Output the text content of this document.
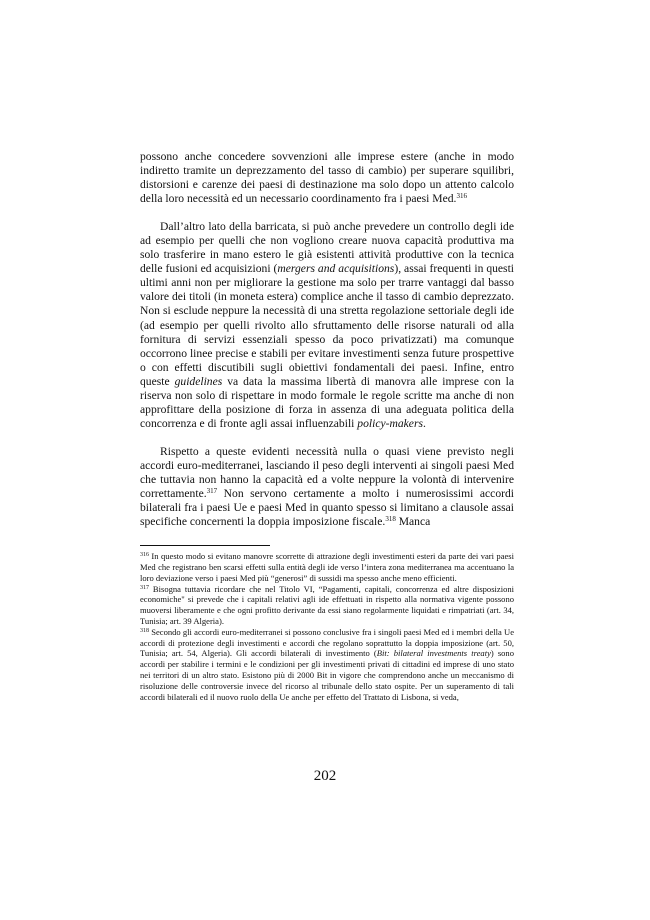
possono anche concedere sovvenzioni alle imprese estere (anche in modo indiretto tramite un deprezzamento del tasso di cambio) per superare squilibri, distorsioni e carenze dei paesi di destinazione ma solo dopo un attento calcolo della loro necessità ed un necessario coordinamento fra i paesi Med.$^{316}$

Dall’altro lato della barricata, si può anche prevedere un controllo degli ide ad esempio per quelli che non vogliono creare nuova capacità produttiva ma solo trasferire in mano estero le già esistenti attività produttive con la tecnica delle fusioni ed acquisizioni (mergers and acquisitions), assai frequenti in questi ultimi anni non per migliorare la gestione ma solo per trarre vantaggi dal basso valore dei titoli (in moneta estera) complice anche il tasso di cambio deprezzato. Non si esclude neppure la necessità di una stretta regolazione settoriale degli ide (ad esempio per quelli rivolto allo sfruttamento delle risorse naturali od alla fornitura di servizi essenziali spesso da poco privatizzati) ma comunque occorrono linee precise e stabili per evitare investimenti senza future prospettive o con effetti discutibili sugli obiettivi fondamentali dei paesi. Infine, entro queste guidelines va data la massima libertà di manovra alle imprese con la riserva non solo di rispettare in modo formale le regole scritte ma anche di non approfittare della posizione di forza in assenza di una adeguata politica della concorrenza e di fronte agli assai influenzabili policy-makers.

Rispetto a queste evidenti necessità nulla o quasi viene previsto negli accordi euro-mediterranei, lasciando il peso degli interventi ai singoli paesi Med che tuttavia non hanno la capacità ed a volte neppure la volontà di intervenire correttamente.$^{317}$ Non servono certamente a molto i numerosissimi accordi bilaterali fra i paesi Ue e paesi Med in quanto spesso si limitano a clausole assai specifiche concernenti la doppia imposizione fiscale.$^{318}$ Manca

$^{316}$ In questo modo si evitano manovre scorrette di attrazione degli investimenti esteri da parte dei vari paesi Med che registrano ben scarsi effetti sulla entità degli ide verso l’intera zona mediterranea ma accentuano la loro deviazione verso i paesi Med più “generosi” di sussidi ma spesso anche meno efficienti.

$^{317}$ Bisogna tuttavia ricordare che nel Titolo VI, “Pagamenti, capitali, concorrenza ed altre disposizioni economiche" si prevede che i capitali relativi agli ide effettuati in rispetto alla normativa vigente possono muoversi liberamente e che ogni profitto derivante da essi siano regolarmente liquidati e rimpatriati (art. 34, Tunisia; art. 39 Algeria).

$^{318}$ Secondo gli accordi euro-mediterranei si possono conclusive fra i singoli paesi Med ed i membri della Ue accordi di protezione degli investimenti e accordi che regolano soprattutto la doppia imposizione (art. 50, Tunisia; art. 54, Algeria). Gli accordi bilaterali di investimento (Bit: bilateral investments treaty) sono accordi per stabilire i termini e le condizioni per gli investimenti privati di cittadini ed imprese di uno stato nei territori di un altro stato. Esistono più di 2000 Bit in vigore che comprendono anche un meccanismo di risoluzione delle controversie invece del ricorso al tribunale dello stato ospite. Per un superamento di tali accordi bilaterali ed il nuovo ruolo della Ue anche per effetto del Trattato di Lisbona, si veda,

202
